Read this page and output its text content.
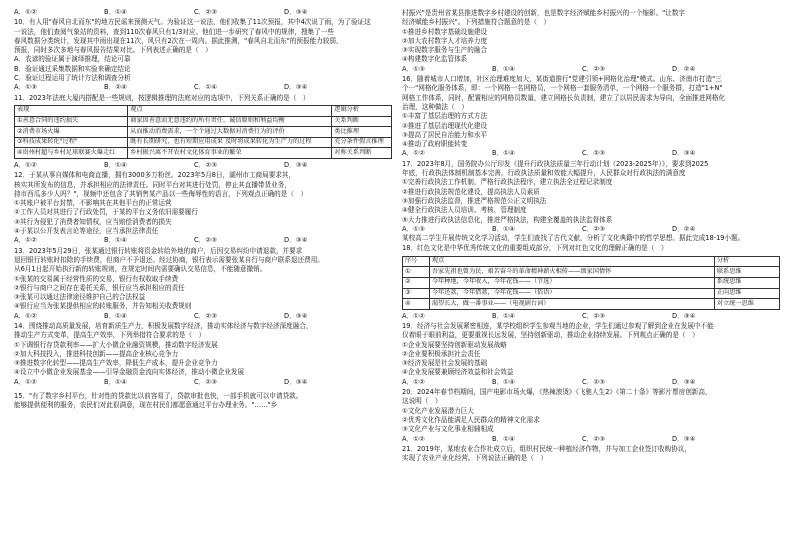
A．①②	B．①④	C．②③	D．③④
10．有人用"春风自北而东"的地方民谣来预测天气。为验证这一说法，他们收集了11次预报，其中4次说了雨，为了验证这
一说法，他们查阅气象站的资料，查到110次春风只有1/3对应。他们进一步研究了春风中的规律，搜集了一些
春风数据分类统计，发现其中雨出现在11次，风只有2次在一周内。据此推测，"春风自北而东"的预报能力较弱，
预报，同时多次多地与春风报告结果对比。下列表述正确的是（　）
A．农谚的验证属于演绎推理，结论可靠
B．验证通过采集数据和实验来确定结论
C．验证过程运用了统计方法和调查分析
A．①③	B．②④	C．①④	D．③④
11．2023年法庭大厦内搭配是一些规则，按逻辑推理的法庭对应的选项中，下列关系正确的是（　）
表现	观点	逻辑分析
①善意合同的违约损失	商家因善意而无意违约的所有责任，诚信原则和利益均衡	关系判断
②消费市场火爆	从而推动消费需求，一个个通过大数据对消费行为的评价	类比推理
③科技成果转化"过程"	既有长期研究，也有短期应用成果 及时将成果转化为生产力的过程	充分条件假言推理
④贵州村超与乡村足球联赛火爆走红	乡村振兴离不开农村文化体育事业的繁荣	对称关系判断
A．①②	B．①④	C．②③	D．③④
12．于某从事自媒体和电商直播，拥有3000多万粉丝。2023年5月8日，湖州市工商局要求其，
核实其所发布的信息，并承担相应的法律责任。同时平台对其进行处罚，停止其直播带货业务，
持市西瓜多少人吗？"，视频中还包含了其销售某产品以一些侮辱性的语言，下列观点正确的是（　）
①其账户被平台封禁，不影响其在其他平台的正常运营
②工作人员对其进行了行政处罚，于某的平台义务依旧需要履行
③其行为侵犯了消费者知情权，应当赔偿消费者的损失
④于某以公开发表言论等途径，应当承担法律责任
A．①②	B．①④	C．②③	D．③④
13．2023年5月29日，张某通过银行转账将资金转给外地的商户，后因交易纠纷申请退款，并要求
退回银行转账时扣除的手续费，但商户不予退还。经过协商，银行表示需要张某自行与商户联系退还费用。
从6月1日起开始执行新的转账规则，在规定时间内需要确认交易信息，不能随意撤销。
①张某的交易属于经营性质的交易，银行有权收取手续费
②银行与商户之间存在委托关系，银行应当承担相应的责任
③张某可以通过法律途径维护自己的合法权益
④银行应当为张某提供相应的转账服务，并告知相关收费规则
A．①②	B．①④	C．②③	D．③④
14．围绕推动高质量发展，培育新质生产力，积极发展数字经济，推动实体经济与数字经济深度融合，
推动生产方式变革，提高生产效率，下列举措符合要求的是（　）
①下调银行存贷款利率——扩大小微企业融资规模，推动数字经济发展
②加大科技投入，推进科技创新——提高企业核心竞争力
③推进数字化转型——提高生产效率，降低生产成本，提升企业竞争力
④设立中小微企业发展基金——引导金融资金流向实体经济，推动小微企业发展
A．①②	B．①④	C．②③	D．③④
15．"有了数字乡村平台，针对性的贷款比以前容易了，贷款审批也快，一部手机就可以申请贷款。
能够提供便利的服务，农民们对此很满意，现在村民们都愿意通过平台办理业务。"……"乡
村振兴"是贵州省某县推进数字乡村建设的创新，也是数字经济赋能乡村振兴的一个缩影。"让数字
经济赋能乡村振兴"。下列措施符合题意的是（　）
①推进乡村数字基础设施建设
②加大农村数字人才培养力度
③实现数字服务与生产的融合
④构建数字化监管体系
A．①③	B．①④	C．②③	D．②④
16．随着城市人口增加，社区治理难度加大，某街道推行"党建引领+网格化治理"模式。山东、济南市打造"三
个一"网格化服务体系，即：一个网格一名网格员，一个网格一套服务清单，一个网格一个服务群，打造"1+N"
网格工作体系，同时，配置相应的网格员数量，建立网格长负责制，建立了以居民需求为导向，全面推进网格化
治理，这种做法（　）
①丰富了基层治理的方式方法
②推进了基层治理现代化建设
③提高了居民自治能力和水平
④推动了政府职能转变
A．①②	B．①④	C．②③	D．③④
17．2023年8月，国务院办公厅印发《提升行政执法质量三年行动计划（2023-2025年）》，要求到2025
年底，行政执法体制机制基本完善，行政执法质量和效能大幅提升，人民群众对行政执法的满意度
①完善行政执法工作机制，严格行政执法程序，建立执法全过程记录制度
②推进行政执法规范化建设，提高执法人员素质
③加强行政执法监督，推进严格规范公正文明执法
④健全行政执法人员培训、考核、管理制度
⑤大力推进行政执法信息化，推进严格执法，构建全覆盖的执法监督体系
A．①③	B．①④	C．②③	D．②④
某校高二学生开展传统文化学习活动，学生们查找了古代文献，分析了文化典籍中的哲学思想。据此完成18-19小题。
18．红色文化是中华优秀传统文化的重要组成部分，下列对红色文化的理解正确的是（　）
序号	观点	分析
①	吾家先祖也曾为民，艰苦奋斗的革命精神薪火相传——颂家国情怀	联系思维
②	今年种地，今年收入，今年花钱——（节选）	系统思维
③	今年还款，今年借款，今年花钱——（俗语）	正向思维
④	渴望长大，做一番事业——（电视剧台词）	对立统一思维
A．①②	B．①④	C．②③	D．③④
19．经济与社会发展紧密相连，某学校组织学生参观当地的企业，学生们通过参观了解到企业在发展中不能
仅着眼于眼前利益，更要重视长远发展，坚持创新驱动，推动企业持续发展。下列观点正确的是（　）
①企业发展要坚持创新驱动发展战略
②企业要积极承担社会责任
③经济发展是社会发展的基础
④企业发展要兼顾经济效益和社会效益
A．①②	B．①④	C．②③	D．③④
20．2024年春节档期间，国产电影市场火爆，《热辣滚烫》《飞驰人生2》《第二十条》等影片票房创新高，
这说明（　）
①文化产业发展潜力巨大
②优秀文化作品能满足人民群众的精神文化需求
③文化产业与文化事业相辅相成
A．①②	B．①④	C．②③	D．③④
21．2019年，某地农业合作社成立后，组织村民统一种植经济作物，并与加工企业签订收购协议，
实现了农业产业化经营。下列说法正确的是（　）
